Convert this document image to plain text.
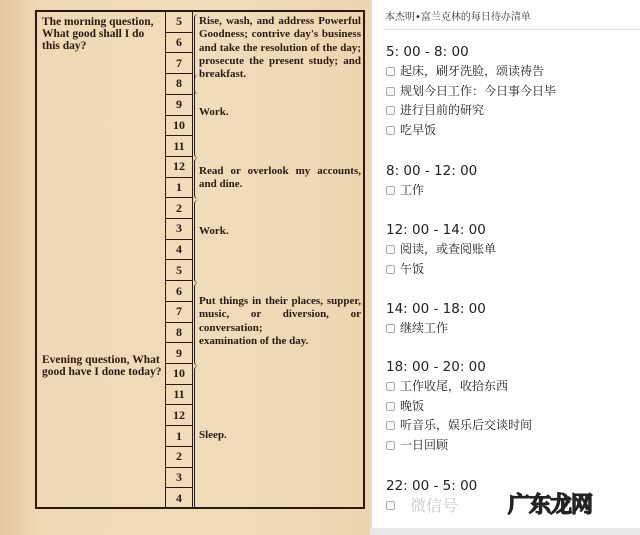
The morning question, What good shall I do this day?
Evening question, What good have I done today?
5
6
7
8
9
10
11
12
1
2
3
4
5
6
7
8
9
10
11
12
1
2
3
4
Rise, wash, and address Powerful Goodness; contrive day's business and take the resolution of the day; prosecute the present study; and breakfast.
Work.
Read or overlook my accounts, and dine.
Work.
Put things in their places, supper, music, or diversion, or conversation;
examination of the day.
Sleep.
本杰明•富兰克林的每日待办清单
5: 00 - 8: 00
起床，刷牙洗脸，颂读祷告
规划今日工作：今日事今日毕
进行目前的研究
吃早饭
8: 00 - 12: 00
工作
12: 00 - 14: 00
阅读，或查阅账单
午饭
14: 00 - 18: 00
继续工作
18: 00 - 20: 00
工作收尾，收拾东西
晚饭
听音乐，娱乐后交谈时间
一日回顾
22: 00 - 5: 00
微信号 广东龙网
